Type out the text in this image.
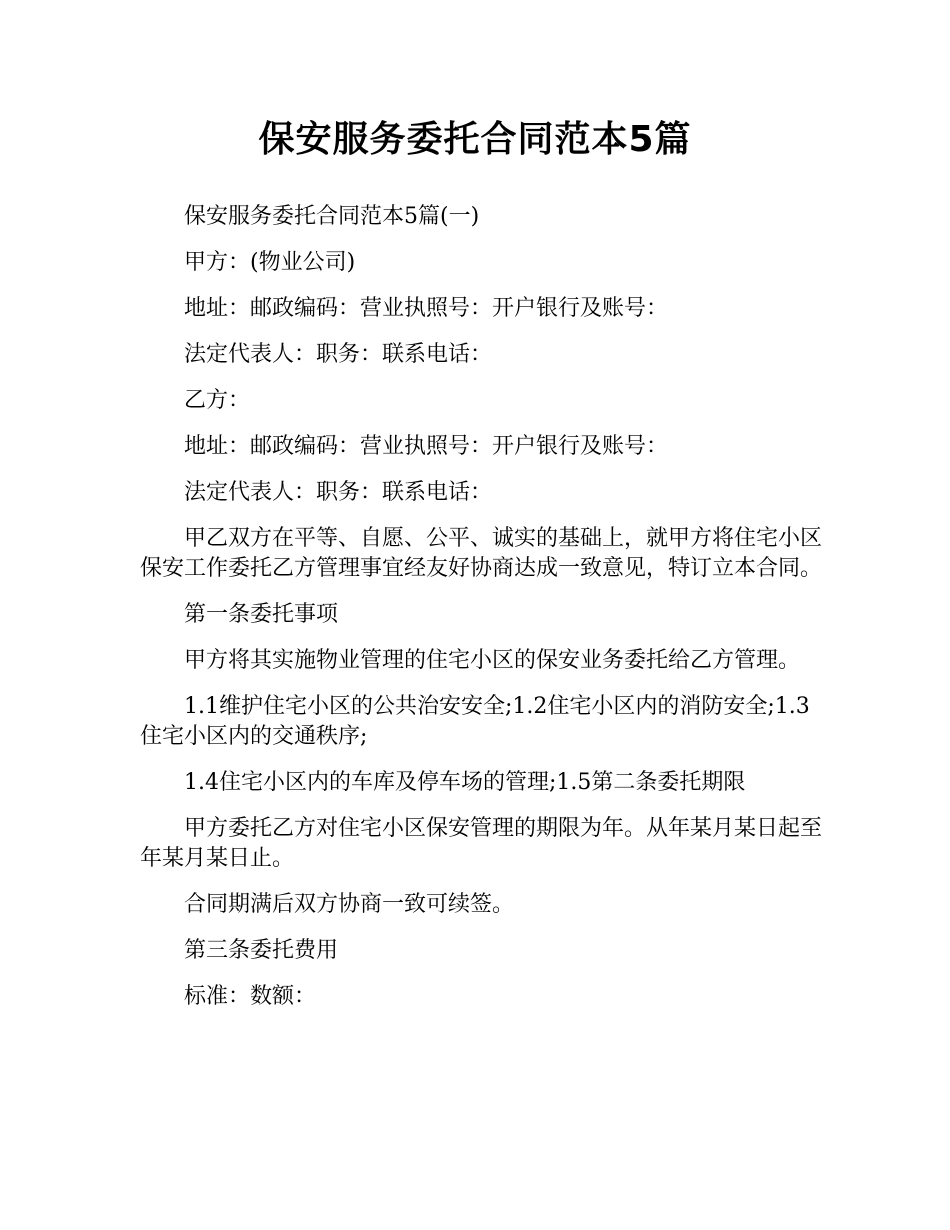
保安服务委托合同范本5篇

保安服务委托合同范本5篇(一)

甲方：(物业公司)

地址：邮政编码：营业执照号：开户银行及账号：

法定代表人：职务：联系电话：

乙方：

地址：邮政编码：营业执照号：开户银行及账号：

法定代表人：职务：联系电话：

甲乙双方在平等、自愿、公平、诚实的基础上，就甲方将住宅小区保安工作委托乙方管理事宜经友好协商达成一致意见，特订立本合同。

第一条委托事项

甲方将其实施物业管理的住宅小区的保安业务委托给乙方管理。

1.1维护住宅小区的公共治安安全;1.2住宅小区内的消防安全;1.3住宅小区内的交通秩序;

1.4住宅小区内的车库及停车场的管理;1.5第二条委托期限

甲方委托乙方对住宅小区保安管理的期限为年。从年某月某日起至年某月某日止。

合同期满后双方协商一致可续签。

第三条委托费用

标准：数额：
